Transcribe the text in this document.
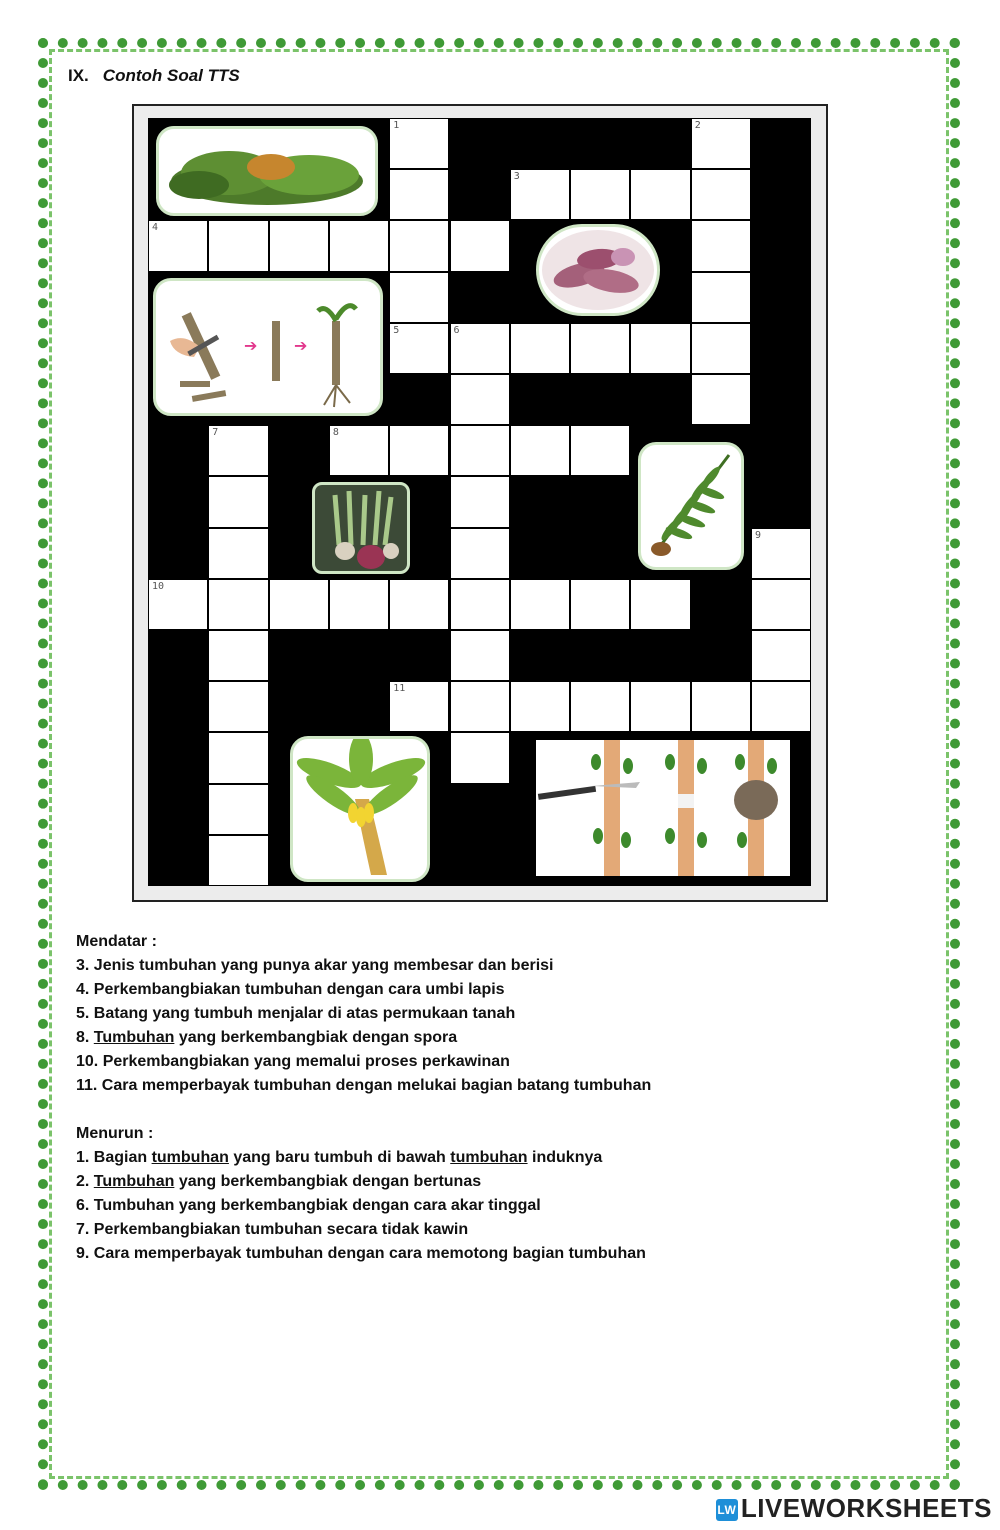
IX. Contoh Soal TTS
11
10
9
8
7
6
5
4
3
2
1
➔ ➔
Mendatar :
3. Jenis tumbuhan yang punya akar yang membesar dan berisi
4. Perkembangbiakan tumbuhan dengan cara umbi lapis
5. Batang yang tumbuh menjalar di atas permukaan tanah
8. Tumbuhan yang berkembangbiak dengan spora
10. Perkembangbiakan yang memalui proses perkawinan
11. Cara memperbayak tumbuhan dengan melukai bagian batang tumbuhan
Menurun :
1. Bagian tumbuhan yang baru tumbuh di bawah tumbuhan induknya
2. Tumbuhan yang berkembangbiak dengan bertunas
6. Tumbuhan yang berkembangbiak dengan cara akar tinggal
7. Perkembangbiakan tumbuhan secara tidak kawin
9. Cara memperbayak tumbuhan dengan cara memotong bagian tumbuhan
LW LIVEWORKSHEETS
